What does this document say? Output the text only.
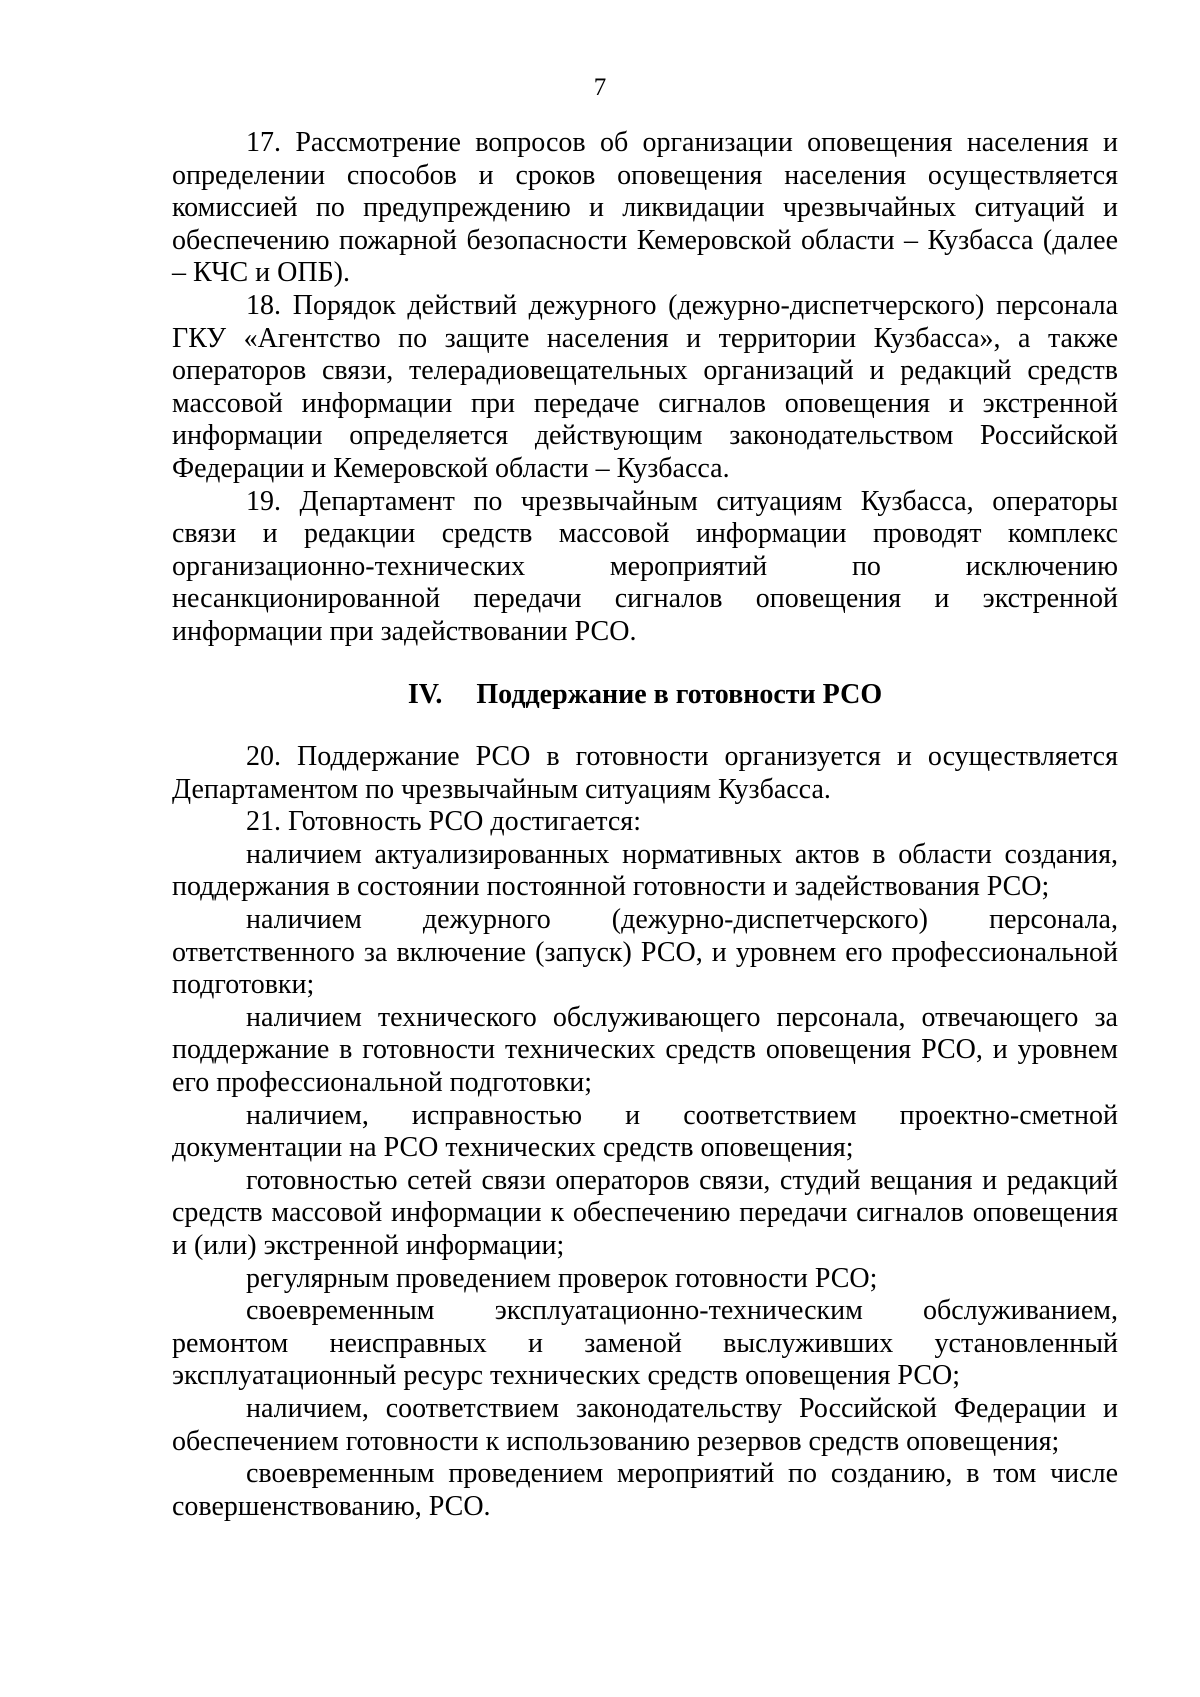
7

17. Рассмотрение вопросов об организации оповещения населения и определении способов и сроков оповещения населения осуществляется комиссией по предупреждению и ликвидации чрезвычайных ситуаций и обеспечению пожарной безопасности Кемеровской области – Кузбасса (далее – КЧС и ОПБ).

18. Порядок действий дежурного (дежурно-диспетчерского) персонала ГКУ «Агентство по защите населения и территории Кузбасса», а также операторов связи, телерадиовещательных организаций и редакций средств массовой информации при передаче сигналов оповещения и экстренной информации определяется действующим законодательством Российской Федерации и Кемеровской области – Кузбасса.

19. Департамент по чрезвычайным ситуациям Кузбасса, операторы связи и редакции средств массовой информации проводят комплекс организационно-технических мероприятий по исключению несанкционированной передачи сигналов оповещения и экстренной информации при задействовании РСО.

IV. Поддержание в готовности РСО

20. Поддержание РСО в готовности организуется и осуществляется Департаментом по чрезвычайным ситуациям Кузбасса.

21. Готовность РСО достигается:

наличием актуализированных нормативных актов в области создания, поддержания в состоянии постоянной готовности и задействования РСО;

наличием дежурного (дежурно-диспетчерского) персонала, ответственного за включение (запуск) РСО, и уровнем его профессиональной подготовки;

наличием технического обслуживающего персонала, отвечающего за поддержание в готовности технических средств оповещения РСО, и уровнем его профессиональной подготовки;

наличием, исправностью и соответствием проектно-сметной документации на РСО технических средств оповещения;

готовностью сетей связи операторов связи, студий вещания и редакций средств массовой информации к обеспечению передачи сигналов оповещения и (или) экстренной информации;

регулярным проведением проверок готовности РСО;

своевременным эксплуатационно-техническим обслуживанием, ремонтом неисправных и заменой выслуживших установленный эксплуатационный ресурс технических средств оповещения РСО;

наличием, соответствием законодательству Российской Федерации и обеспечением готовности к использованию резервов средств оповещения;

своевременным проведением мероприятий по созданию, в том числе совершенствованию, РСО.
